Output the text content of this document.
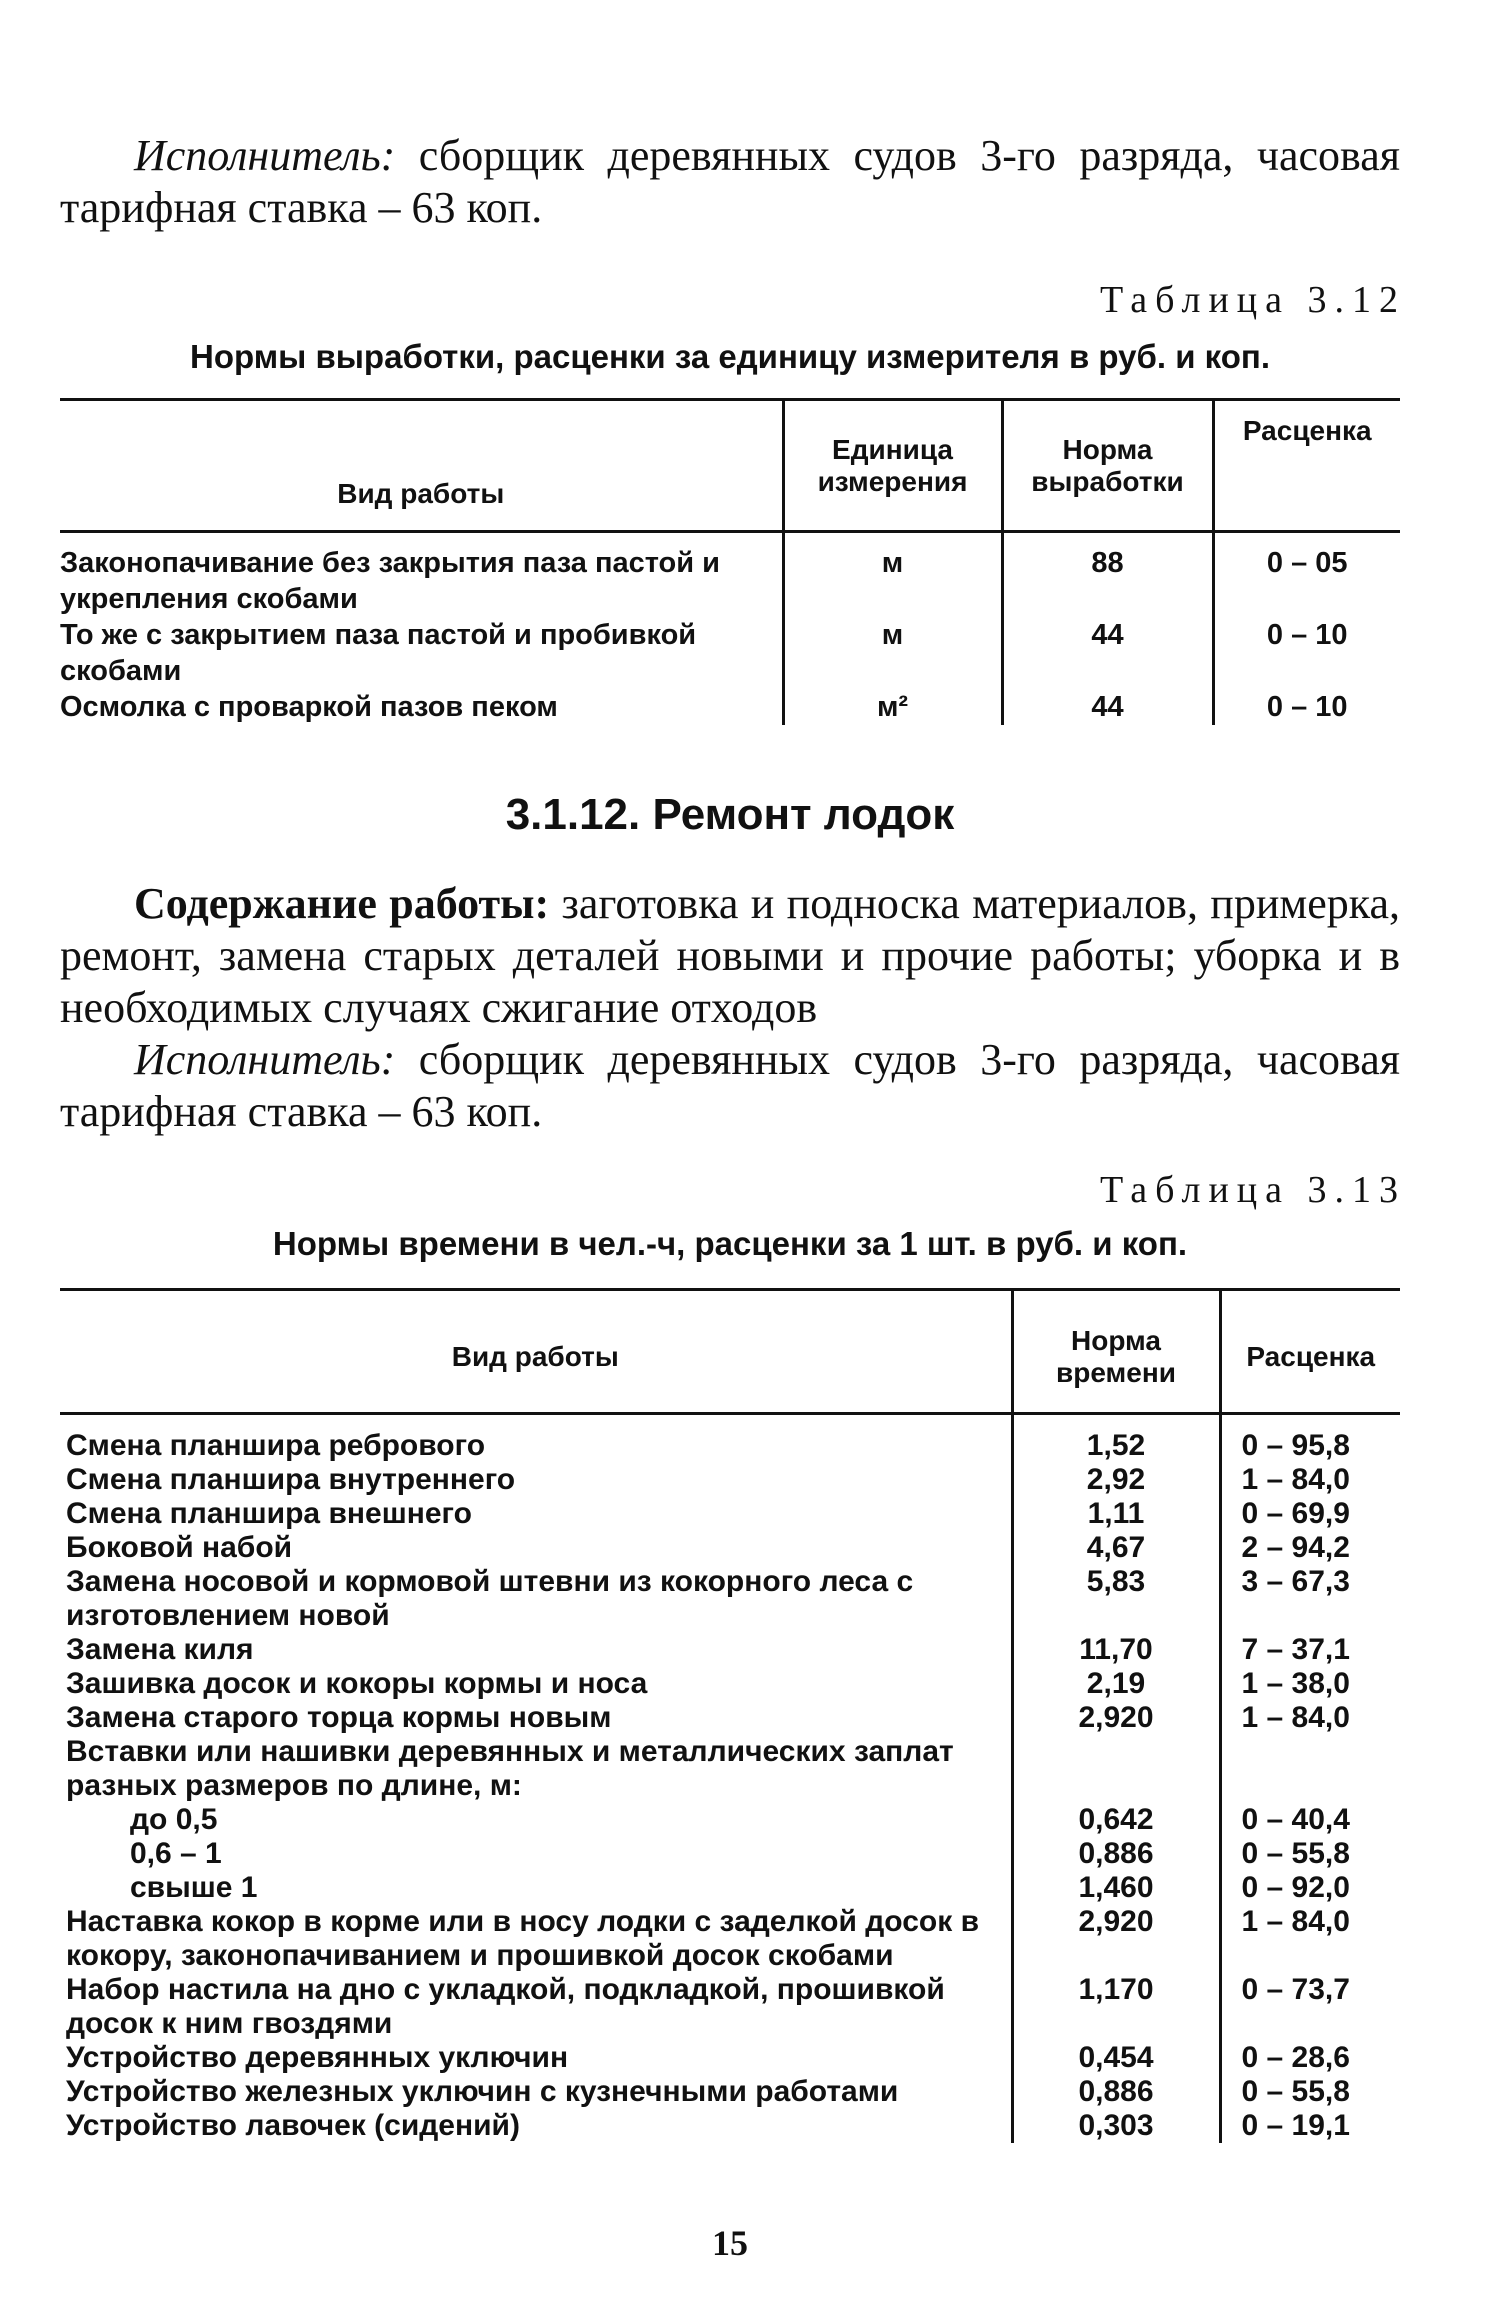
Исполнитель: сборщик деревянных судов 3-го разряда, часовая тарифная ставка – 63 коп.
Таблица 3.12
Нормы выработки, расценки за единицу измерителя в руб. и коп.
Вид работы	Единица измерения	Норма выработки	Расценка
Законопачивание без закрытия паза пастой и укрепления скобами	м	88	0 – 05
То же с закрытием паза пастой и пробивкой скобами	м	44	0 – 10
Осмолка с проваркой пазов пеком	м²	44	0 – 10
3.1.12. Ремонт лодок
Содержание работы: заготовка и подноска материалов, примерка, ремонт, замена старых деталей новыми и прочие работы; уборка и в необходимых случаях сжигание отходов
Исполнитель: сборщик деревянных судов 3-го разряда, часовая тарифная ставка – 63 коп.
Таблица 3.13
Нормы времени в чел.-ч, расценки за 1 шт. в руб. и коп.
Вид работы	Норма времени	Расценка
Смена планшира ребрового	1,52	0 – 95,8
Смена планшира внутреннего	2,92	1 – 84,0
Смена планшира внешнего	1,11	0 – 69,9
Боковой набой	4,67	2 – 94,2
Замена носовой и кормовой штевни из кокорного леса с изготовлением новой	5,83	3 – 67,3
Замена киля	11,70	7 – 37,1
Зашивка досок и кокоры кормы и носа	2,19	1 – 38,0
Замена старого торца кормы новым	2,920	1 – 84,0
Вставки или нашивки деревянных и металлических заплат разных размеров по длине, м:		
до 0,5	0,642	0 – 40,4
0,6 – 1	0,886	0 – 55,8
свыше 1	1,460	0 – 92,0
Наставка кокор в корме или в носу лодки с заделкой досок в кокору, законопачиванием и прошивкой досок скобами	2,920	1 – 84,0
Набор настила на дно с укладкой, подкладкой, прошивкой досок к ним гвоздями	1,170	0 – 73,7
Устройство деревянных уключин	0,454	0 – 28,6
Устройство железных уключин с кузнечными работами	0,886	0 – 55,8
Устройство лавочек (сидений)	0,303	0 – 19,1
15
